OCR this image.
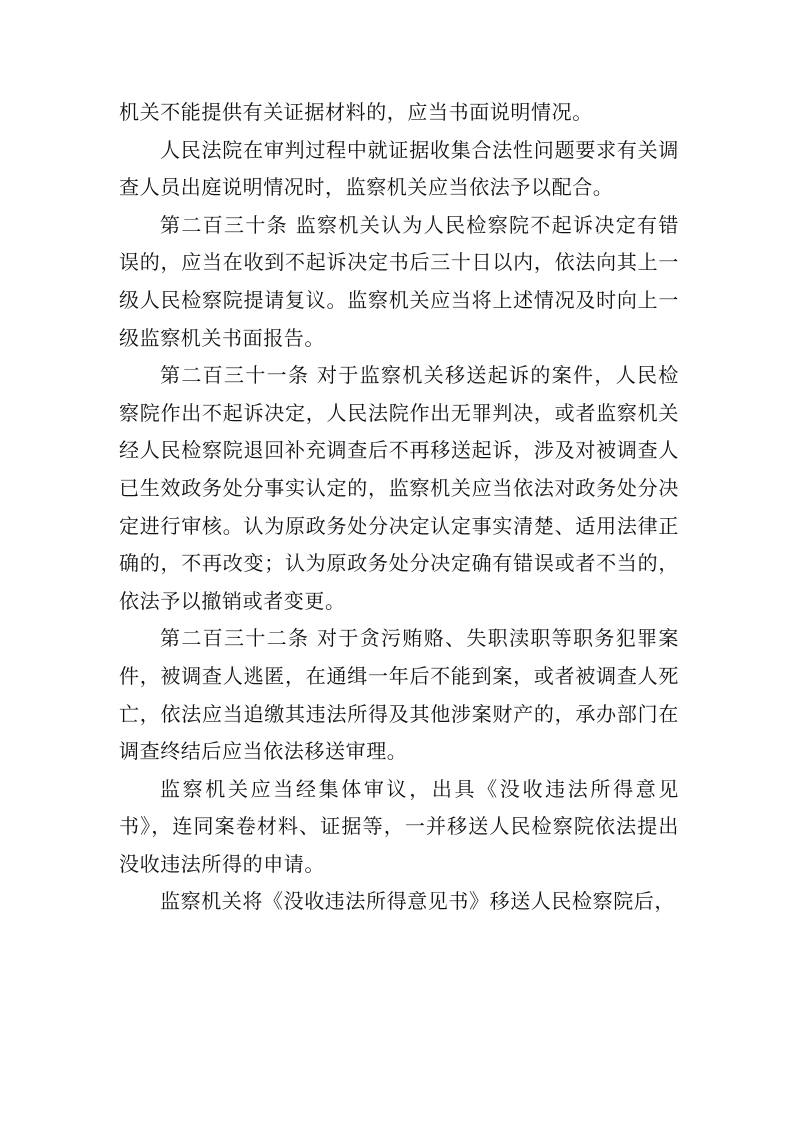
机关不能提供有关证据材料的，应当书面说明情况。

人民法院在审判过程中就证据收集合法性问题要求有关调查人员出庭说明情况时，监察机关应当依法予以配合。

第二百三十条 监察机关认为人民检察院不起诉决定有错误的，应当在收到不起诉决定书后三十日以内，依法向其上一级人民检察院提请复议。监察机关应当将上述情况及时向上一级监察机关书面报告。

第二百三十一条 对于监察机关移送起诉的案件，人民检察院作出不起诉决定，人民法院作出无罪判决，或者监察机关经人民检察院退回补充调查后不再移送起诉，涉及对被调查人已生效政务处分事实认定的，监察机关应当依法对政务处分决定进行审核。认为原政务处分决定认定事实清楚、适用法律正确的，不再改变；认为原政务处分决定确有错误或者不当的，依法予以撤销或者变更。

第二百三十二条 对于贪污贿赂、失职渎职等职务犯罪案件，被调查人逃匿，在通缉一年后不能到案，或者被调查人死亡，依法应当追缴其违法所得及其他涉案财产的，承办部门在调查终结后应当依法移送审理。

监察机关应当经集体审议，出具《没收违法所得意见书》，连同案卷材料、证据等，一并移送人民检察院依法提出没收违法所得的申请。

监察机关将《没收违法所得意见书》移送人民检察院后，
